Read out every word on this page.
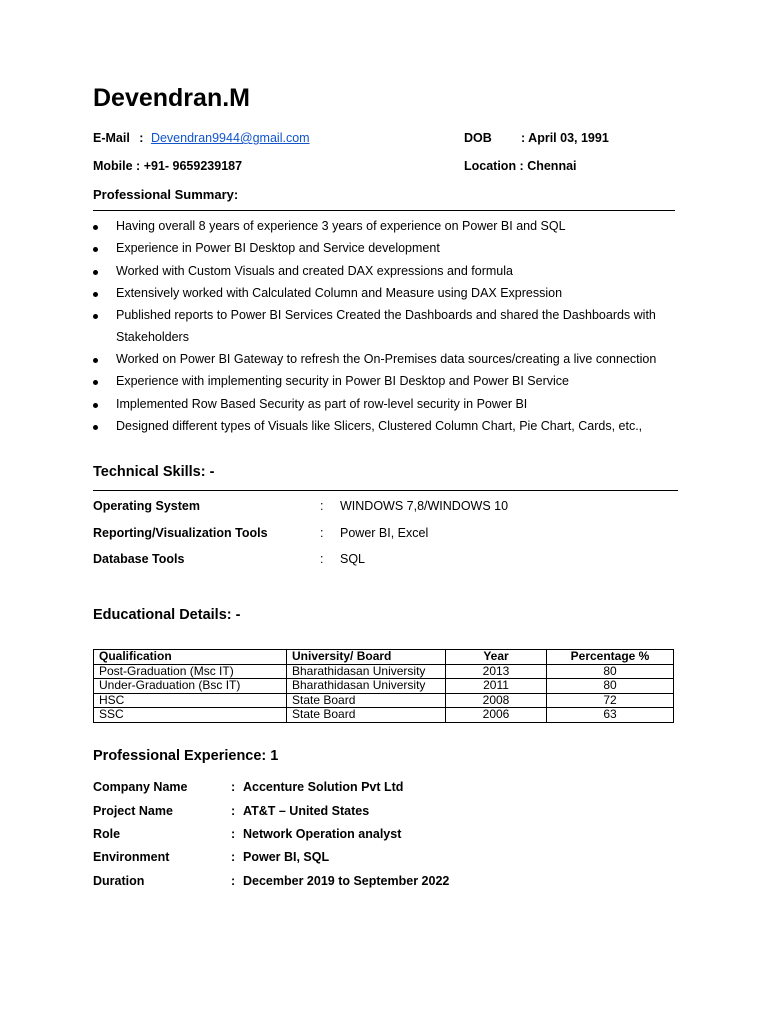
Devendran.M
E-Mail : Devendran9944@gmail.com	DOB : April 03, 1991
Mobile : +91- 9659239187	Location : Chennai
Professional Summary:
Having overall 8 years of experience 3 years of experience on Power BI and SQL
Experience in Power BI Desktop and Service development
Worked with Custom Visuals and created DAX expressions and formula
Extensively worked with Calculated Column and Measure using DAX Expression
Published reports to Power BI Services Created the Dashboards and shared the Dashboards with Stakeholders
Worked on Power BI Gateway to refresh the On-Premises data sources/creating a live connection
Experience with implementing security in Power BI Desktop and Power BI Service
Implemented Row Based Security as part of row-level security in Power BI
Designed different types of Visuals like Slicers, Clustered Column Chart, Pie Chart, Cards, etc.,
Technical Skills: -
Operating System	: WINDOWS 7,8/WINDOWS 10
Reporting/Visualization Tools	: Power BI, Excel
Database Tools	: SQL
Educational Details: -
Qualification	University/ Board	Year	Percentage %
Post-Graduation (Msc IT)	Bharathidasan University	2013	80
Under-Graduation (Bsc IT)	Bharathidasan University	2011	80
HSC	State Board	2008	72
SSC	State Board	2006	63
Professional Experience: 1
Company Name	: Accenture Solution Pvt Ltd
Project Name	: AT&T – United States
Role	: Network Operation analyst
Environment	: Power BI, SQL
Duration	: December 2019 to September 2022
